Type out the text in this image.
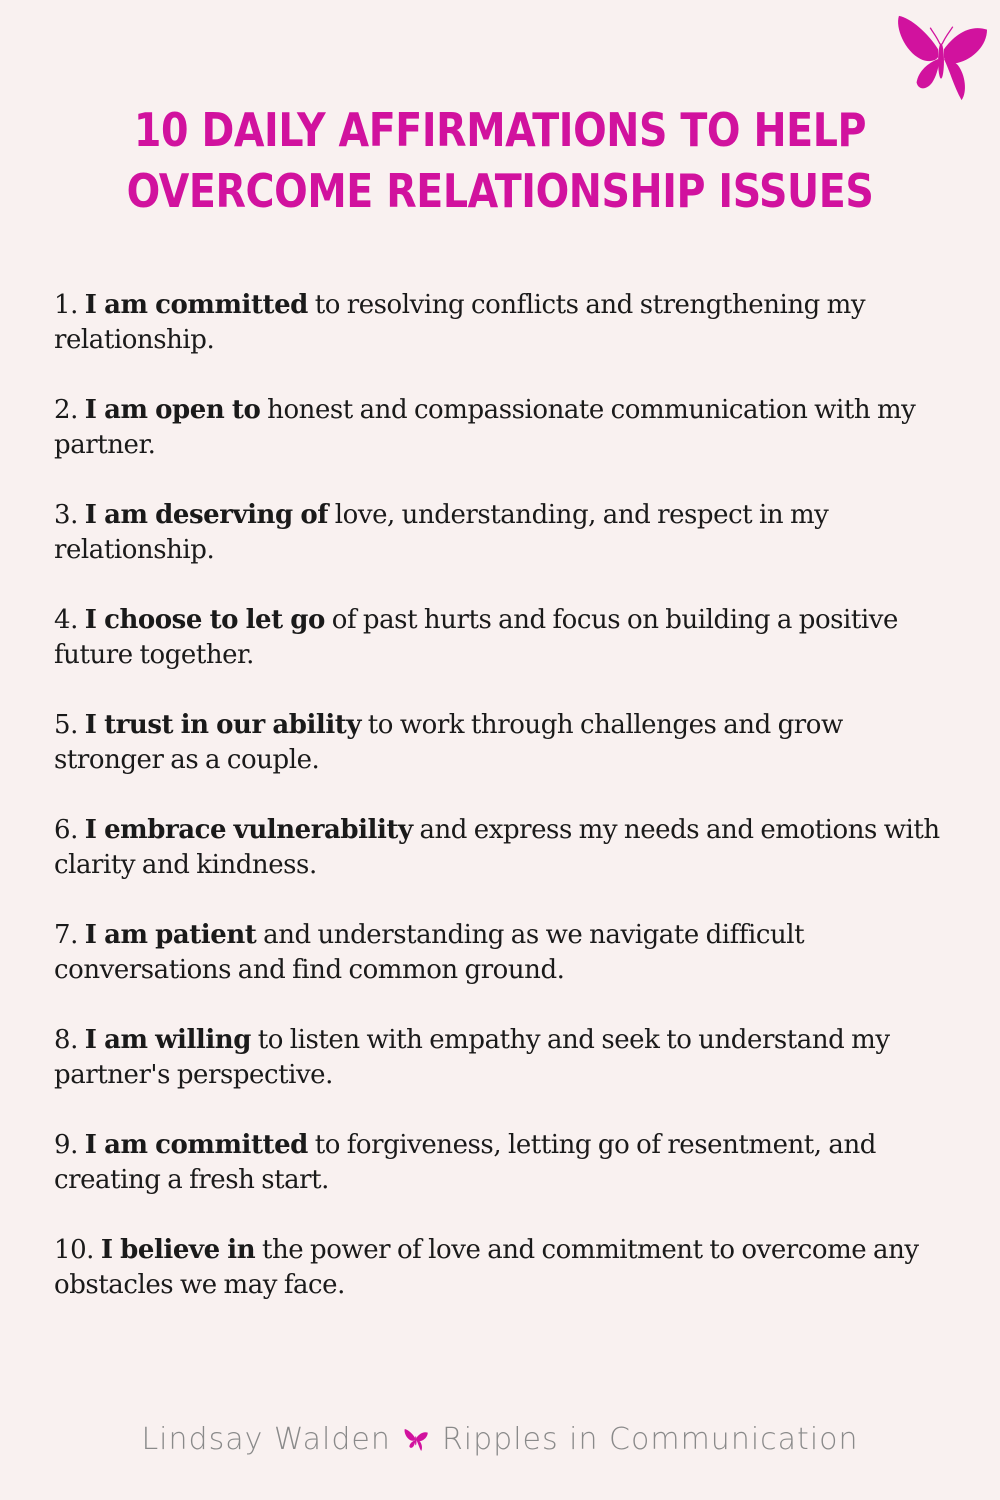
10 DAILY AFFIRMATIONS TO HELP
OVERCOME RELATIONSHIP ISSUES
1. I am committed to resolving conflicts and strengthening my relationship.
2. I am open to honest and compassionate communication with my partner.
3. I am deserving of love, understanding, and respect in my relationship.
4. I choose to let go of past hurts and focus on building a positive future together.
5. I trust in our ability to work through challenges and grow stronger as a couple.
6. I embrace vulnerability and express my needs and emotions with clarity and kindness.
7. I am patient and understanding as we navigate difficult conversations and find common ground.
8. I am willing to listen with empathy and seek to understand my partner's perspective.
9. I am committed to forgiveness, letting go of resentment, and creating a fresh start.
10. I believe in the power of love and commitment to overcome any obstacles we may face.
Lindsay Walden Ripples in Communication
